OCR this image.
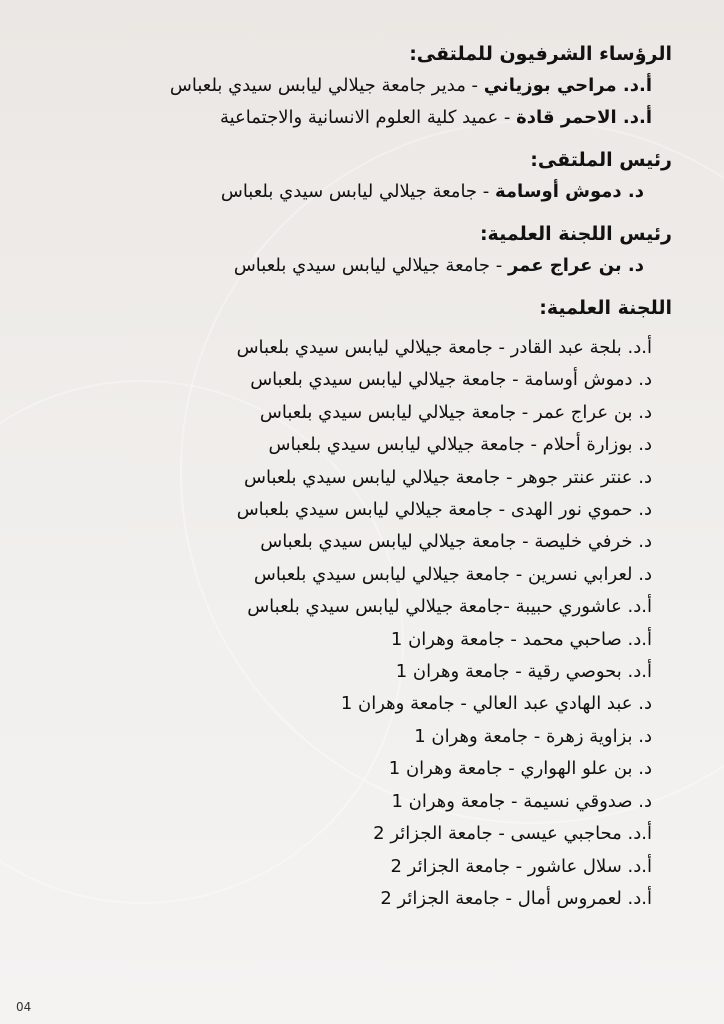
الرؤساء الشرفيون للملتقى:

أ.د. مراحي بوزياني - مدير جامعة جيلالي ليابس سيدي بلعباس

أ.د. الاحمر قادة - عميد كلية العلوم الانسانية والاجتماعية

رئيس الملتقى:

د. دموش أوسامة - جامعة جيلالي ليابس سيدي بلعباس

رئيس اللجنة العلمية:

د. بن عراج عمر - جامعة جيلالي ليابس سيدي بلعباس

اللجنة العلمية:

أ.د. بلجة عبد القادر - جامعة جيلالي ليابس سيدي بلعباس

د. دموش أوسامة - جامعة جيلالي ليابس سيدي بلعباس

د. بن عراج عمر - جامعة جيلالي ليابس سيدي بلعباس

د. بوزارة أحلام - جامعة جيلالي ليابس سيدي بلعباس

د. عنتر عنتر جوهر - جامعة جيلالي ليابس سيدي بلعباس

د. حموي نور الهدى - جامعة جيلالي ليابس سيدي بلعباس

د. خرفي خليصة - جامعة جيلالي ليابس سيدي بلعباس

د. لعرابي نسرين - جامعة جيلالي ليابس سيدي بلعباس

أ.د. عاشوري حبيبة -جامعة جيلالي ليابس سيدي بلعباس

أ.د. صاحبي محمد - جامعة وهران 1

أ.د. بحوصي رقية - جامعة وهران 1

د. عبد الهادي عبد العالي - جامعة وهران 1

د. بزاوية زهرة - جامعة وهران 1

د. بن علو الهواري - جامعة وهران 1

د. صدوقي نسيمة - جامعة وهران 1

أ.د. محاجبي عيسى - جامعة الجزائر 2

أ.د. سلال عاشور - جامعة الجزائر 2

أ.د. لعمروس أمال - جامعة الجزائر 2

04
